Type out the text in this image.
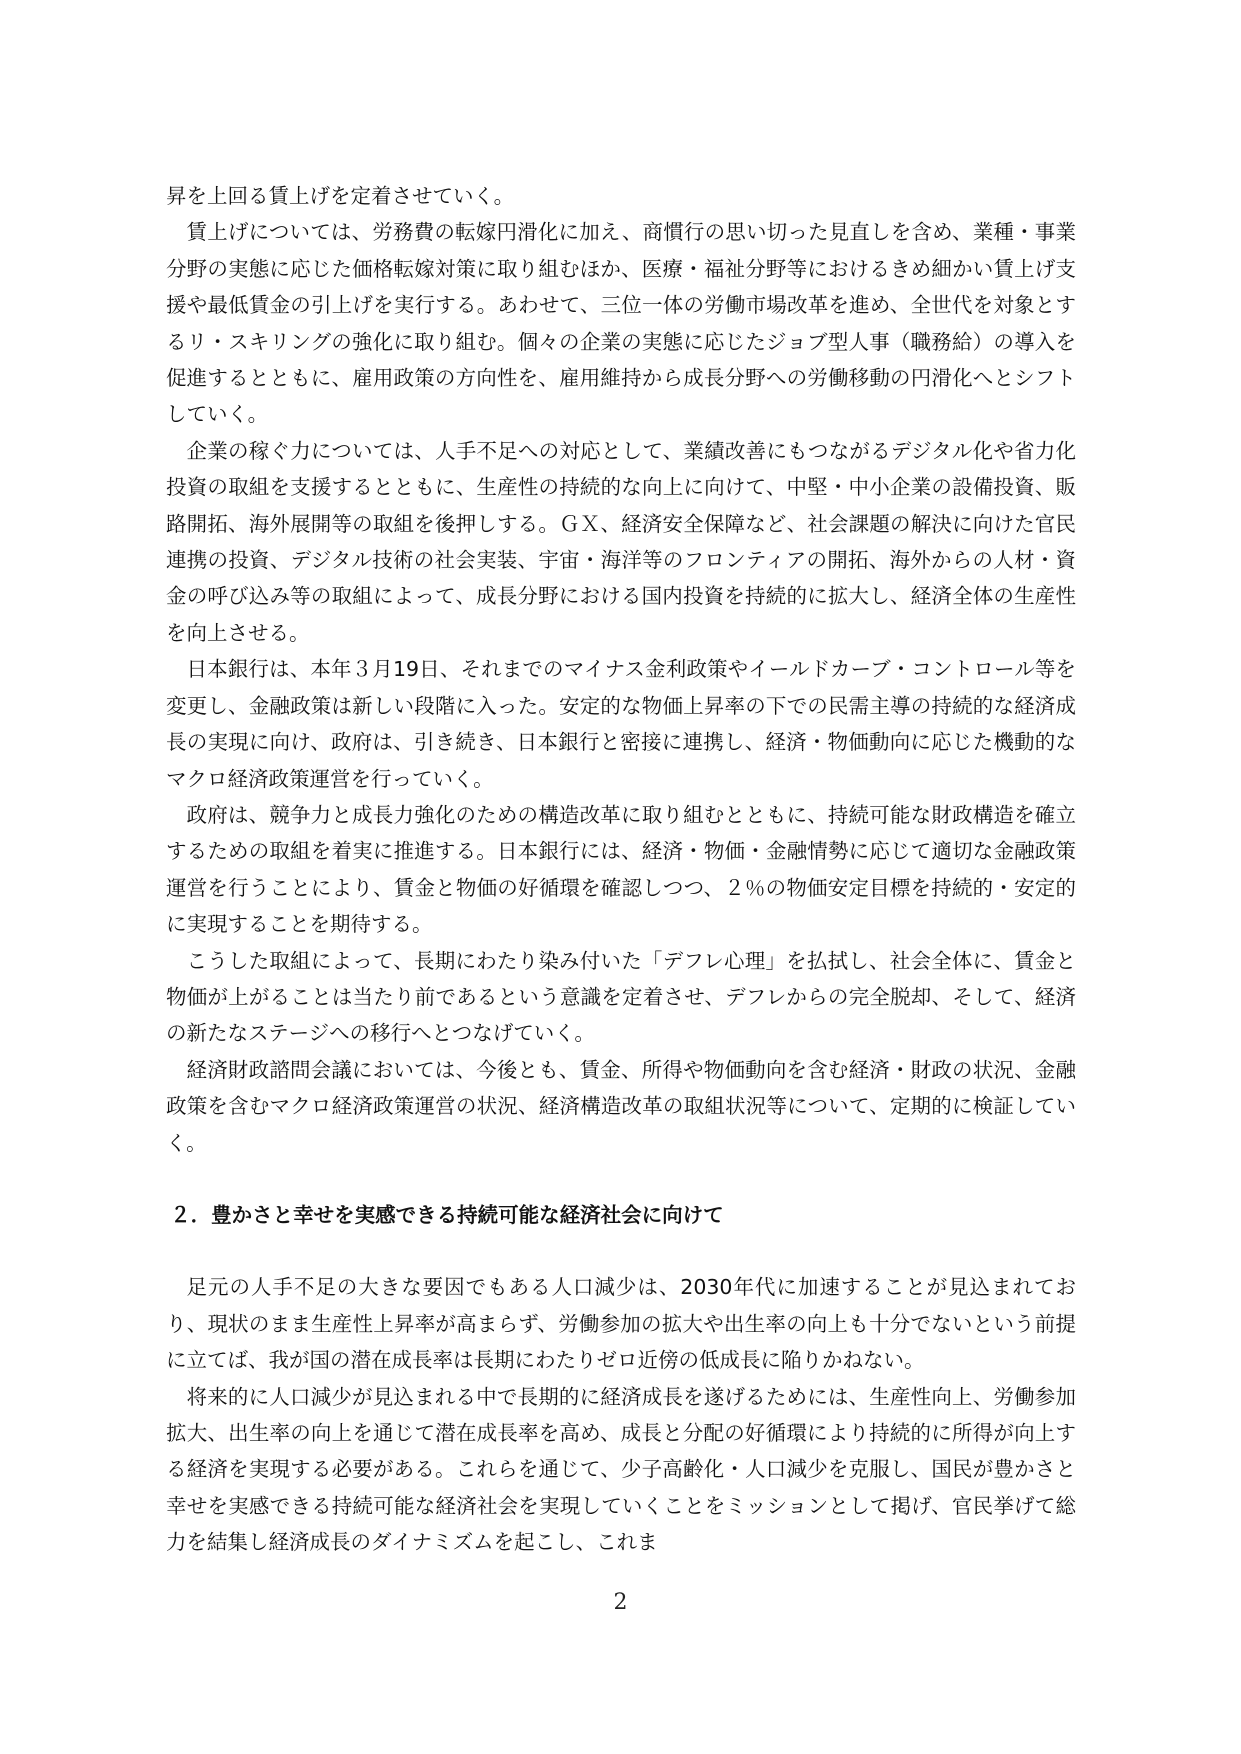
昇を上回る賃上げを定着させていく。

賃上げについては、労務費の転嫁円滑化に加え、商慣行の思い切った見直しを含め、業種・事業分野の実態に応じた価格転嫁対策に取り組むほか、医療・福祉分野等におけるきめ細かい賃上げ支援や最低賃金の引上げを実行する。あわせて、三位一体の労働市場改革を進め、全世代を対象とするリ・スキリングの強化に取り組む。個々の企業の実態に応じたジョブ型人事（職務給）の導入を促進するとともに、雇用政策の方向性を、雇用維持から成長分野への労働移動の円滑化へとシフトしていく。

企業の稼ぐ力については、人手不足への対応として、業績改善にもつながるデジタル化や省力化投資の取組を支援するとともに、生産性の持続的な向上に向けて、中堅・中小企業の設備投資、販路開拓、海外展開等の取組を後押しする。ＧＸ、経済安全保障など、社会課題の解決に向けた官民連携の投資、デジタル技術の社会実装、宇宙・海洋等のフロンティアの開拓、海外からの人材・資金の呼び込み等の取組によって、成長分野における国内投資を持続的に拡大し、経済全体の生産性を向上させる。

日本銀行は、本年３月19日、それまでのマイナス金利政策やイールドカーブ・コントロール等を変更し、金融政策は新しい段階に入った。安定的な物価上昇率の下での民需主導の持続的な経済成長の実現に向け、政府は、引き続き、日本銀行と密接に連携し、経済・物価動向に応じた機動的なマクロ経済政策運営を行っていく。

政府は、競争力と成長力強化のための構造改革に取り組むとともに、持続可能な財政構造を確立するための取組を着実に推進する。日本銀行には、経済・物価・金融情勢に応じて適切な金融政策運営を行うことにより、賃金と物価の好循環を確認しつつ、２％の物価安定目標を持続的・安定的に実現することを期待する。

こうした取組によって、長期にわたり染み付いた「デフレ心理」を払拭し、社会全体に、賃金と物価が上がることは当たり前であるという意識を定着させ、デフレからの完全脱却、そして、経済の新たなステージへの移行へとつなげていく。

経済財政諮問会議においては、今後とも、賃金、所得や物価動向を含む経済・財政の状況、金融政策を含むマクロ経済政策運営の状況、経済構造改革の取組状況等について、定期的に検証していく。

２．豊かさと幸せを実感できる持続可能な経済社会に向けて

足元の人手不足の大きな要因でもある人口減少は、2030年代に加速することが見込まれており、現状のまま生産性上昇率が高まらず、労働参加の拡大や出生率の向上も十分でないという前提に立てば、我が国の潜在成長率は長期にわたりゼロ近傍の低成長に陥りかねない。

将来的に人口減少が見込まれる中で長期的に経済成長を遂げるためには、生産性向上、労働参加拡大、出生率の向上を通じて潜在成長率を高め、成長と分配の好循環により持続的に所得が向上する経済を実現する必要がある。これらを通じて、少子高齢化・人口減少を克服し、国民が豊かさと幸せを実感できる持続可能な経済社会を実現していくことをミッションとして掲げ、官民挙げて総力を結集し経済成長のダイナミズムを起こし、これま

2
